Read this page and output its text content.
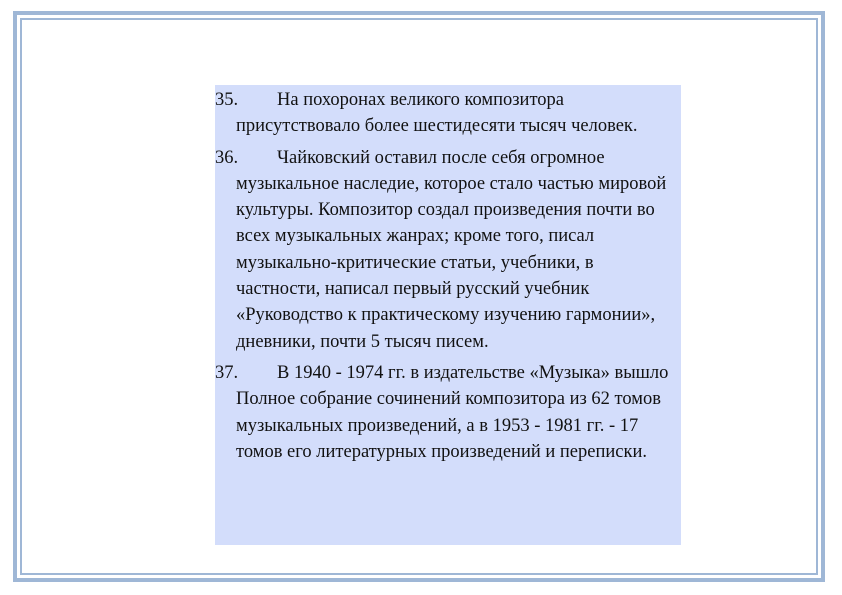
35.	На похоронах великого композитора присутствовало более шестидесяти тысяч человек.
36.	Чайковский оставил после себя огромное музыкальное наследие, которое стало частью мировой культуры. Композитор создал произведения почти во всех музыкальных жанрах; кроме того, писал музыкально-критические статьи, учебники, в частности, написал первый русский учебник «Руководство к практическому изучению гармонии», дневники, почти 5 тысяч писем.
37.	В 1940 - 1974 гг. в издательстве «Музыка» вышло Полное собрание сочинений композитора из 62 томов музыкальных произведений, а в 1953 - 1981 гг. - 17 томов его литературных произведений и переписки.
